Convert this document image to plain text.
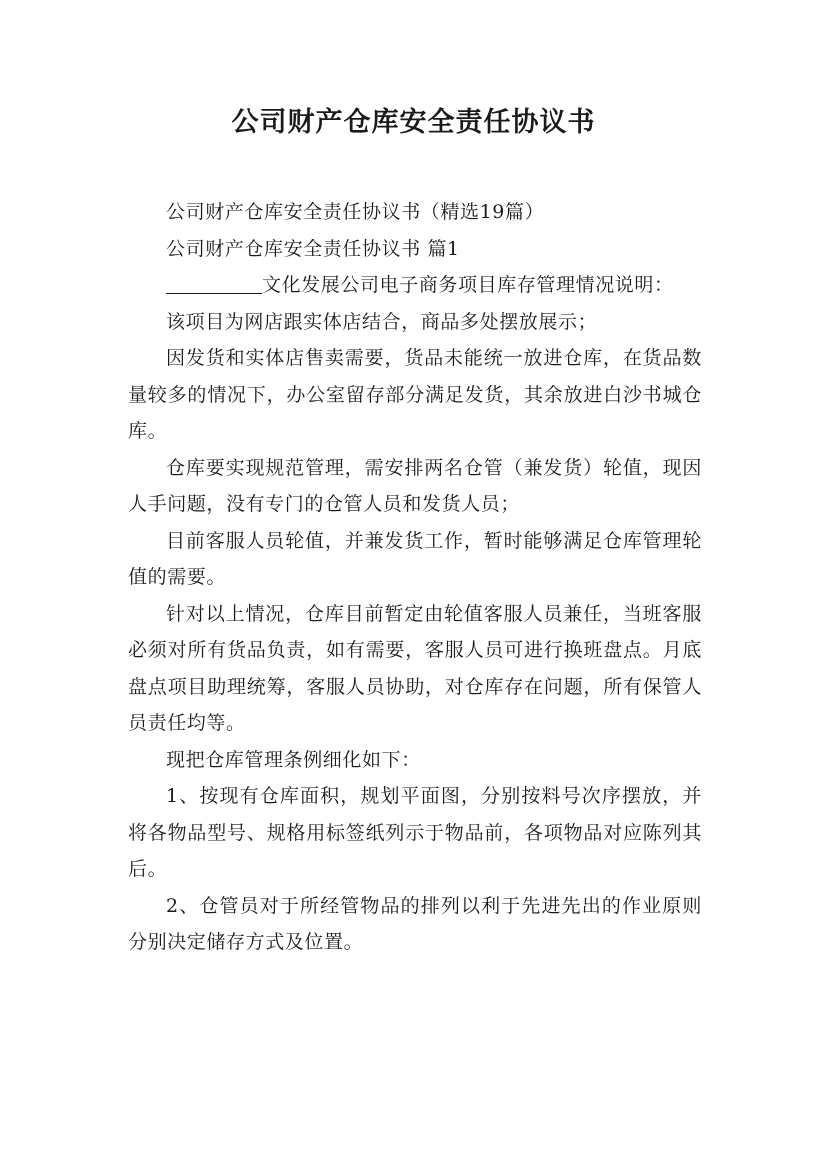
公司财产仓库安全责任协议书

公司财产仓库安全责任协议书（精选19篇）

公司财产仓库安全责任协议书 篇1

文化发展公司电子商务项目库存管理情况说明：

该项目为网店跟实体店结合，商品多处摆放展示；

因发货和实体店售卖需要，货品未能统一放进仓库，在货品数量较多的情况下，办公室留存部分满足发货，其余放进白沙书城仓库。

仓库要实现规范管理，需安排两名仓管（兼发货）轮值，现因人手问题，没有专门的仓管人员和发货人员；

目前客服人员轮值，并兼发货工作，暂时能够满足仓库管理轮值的需要。

针对以上情况，仓库目前暂定由轮值客服人员兼任，当班客服必须对所有货品负责，如有需要，客服人员可进行换班盘点。月底盘点项目助理统筹，客服人员协助，对仓库存在问题，所有保管人员责任均等。

现把仓库管理条例细化如下：

1、按现有仓库面积，规划平面图，分别按料号次序摆放，并将各物品型号、规格用标签纸列示于物品前，各项物品对应陈列其后。

2、仓管员对于所经管物品的排列以利于先进先出的作业原则分别决定储存方式及位置。
